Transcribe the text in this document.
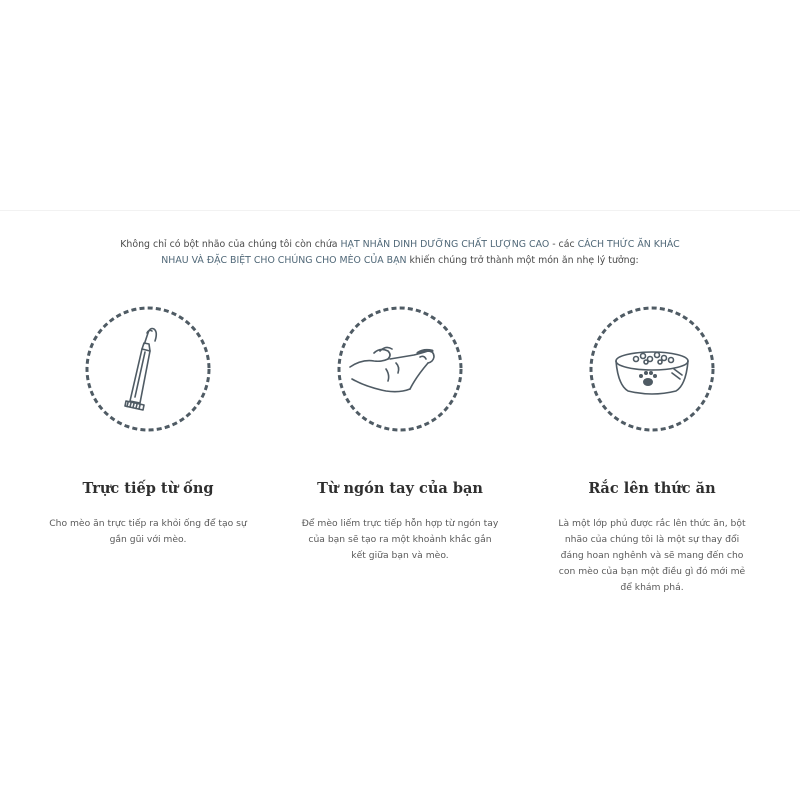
Không chỉ có bột nhão của chúng tôi còn chứa HẠT NHÂN DINH DƯỠNG CHẤT LƯỢNG CAO - các CÁCH THỨC ĂN KHÁC NHAU VÀ ĐẶC BIỆT CHO CHÚNG CHO MÈO CỦA BẠN khiến chúng trở thành một món ăn nhẹ lý tưởng:

Trực tiếp từ ống
Cho mèo ăn trực tiếp ra khỏi ống để tạo sự gần gũi với mèo.
Từ ngón tay của bạn
Để mèo liếm trực tiếp hỗn hợp từ ngón tay của bạn sẽ tạo ra một khoảnh khắc gắn kết giữa bạn và mèo.
Rắc lên thức ăn
Là một lớp phủ được rắc lên thức ăn, bột nhão của chúng tôi là một sự thay đổi đáng hoan nghênh và sẽ mang đến cho con mèo của bạn một điều gì đó mới mẻ để khám phá.
